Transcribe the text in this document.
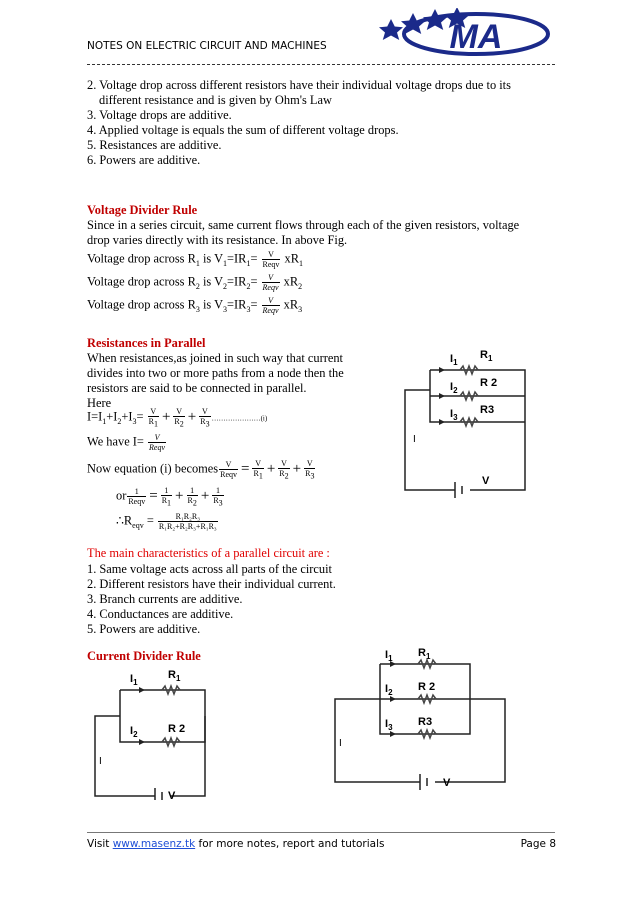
NOTES ON ELECTRIC CIRCUIT AND MACHINES	MA
2. Voltage drop across different resistors have their individual voltage drops due to its
different resistance and is given by Ohm's Law
3. Voltage drops are additive.
4. Applied voltage is equals the sum of different voltage drops.
5. Resistances are additive.
6. Powers are additive.
Voltage Divider Rule
Since in a series circuit, same current flows through each of the given resistors, voltage
drop varies directly with its resistance. In above Fig.
Voltage drop across $R_1$ is $V_1=IR_1= \frac{V}{\text{Reqv}} xR_1$
Voltage drop across $R_2$ is $V_2=IR_2= \frac{V}{\text{Reqv}} xR_2$
Voltage drop across $R_3$ is $V_3=IR_3= \frac{V}{\text{Reqv}} xR_3$
Resistances in Parallel
When resistances,as joined in such way that current
divides into two or more paths from a node then the
resistors are said to be connected in parallel.
Here
$I=I_1+I_2+I_3= \frac{V}{R_1} + \frac{V}{R_2} + \frac{V}{R_3}$ …………………(i)
We have $I= \frac{V}{\text{Reqv}}$
Now equation (i) becomes $\frac{V}{\text{Reqv}} = \frac{V}{R_1} + \frac{V}{R_2} + \frac{V}{R_3}$
or $\frac{1}{\text{Reqv}} = \frac{1}{R_1} + \frac{1}{R_2} + \frac{1}{R_3}$
$\therefore R_{eqv} = \frac{\text{R₁R₂R₃}}{\text{R₁R₂+R₂R₃+R₁R₃}}$
The main characteristics of a parallel circuit are :
1. Same voltage acts across all parts of the circuit
2. Different resistors have their individual current.
3. Branch currents are additive.
4. Conductances are additive.
5. Powers are additive.
Current Divider Rule
$I_1$
$R_1$
$I_2$
R 2
$I_3$
R3
V
I
$I_1$
$R_1$
$I_2$	R 2
V
I
$I_1$ $R_1$
$I_2$ R 2
$I_3$ R3
V
I
Visit www.masenz.tk for more notes, report and tutorials	Page 8
